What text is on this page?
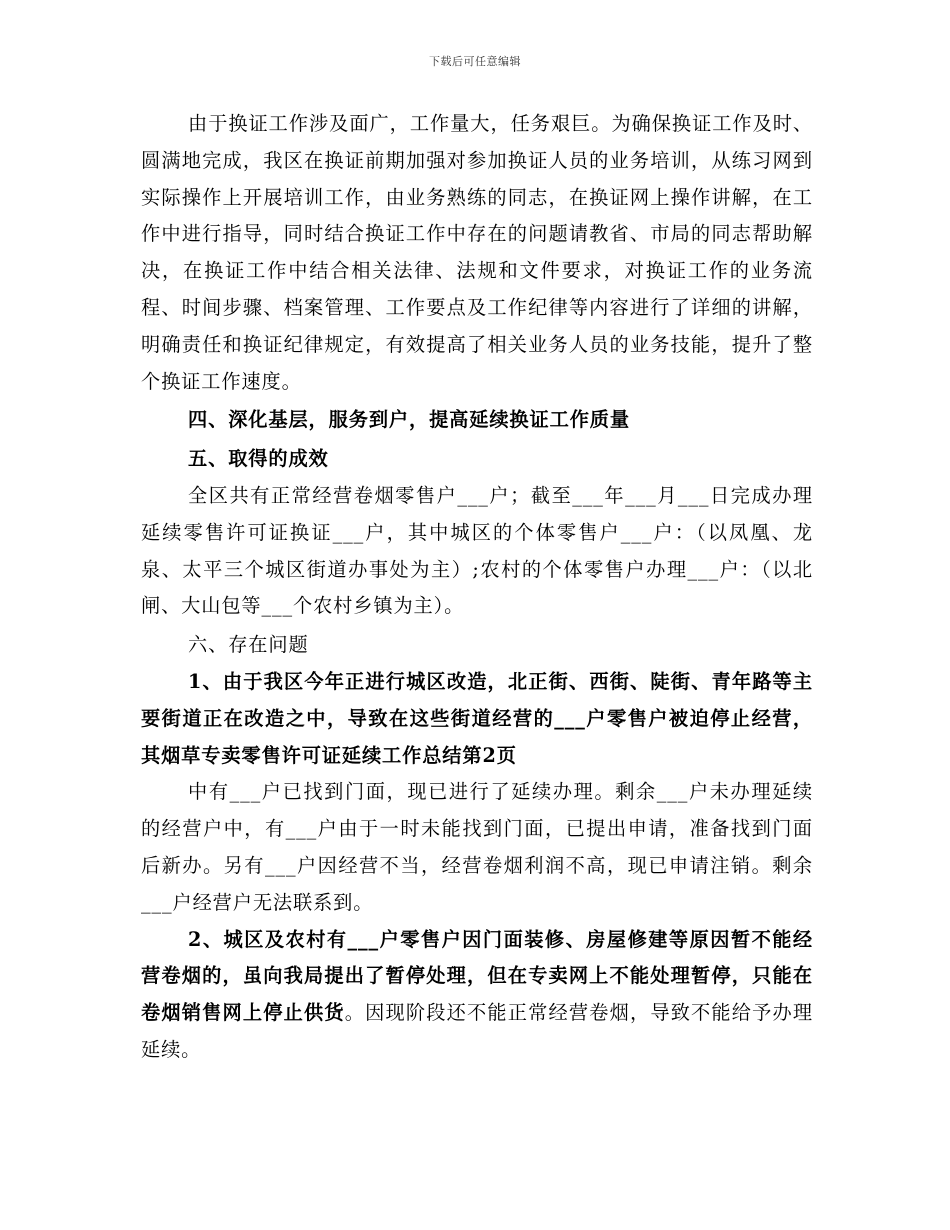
下载后可任意编辑

由于换证工作涉及面广，工作量大，任务艰巨。为确保换证工作及时、圆满地完成，我区在换证前期加强对参加换证人员的业务培训，从练习网到实际操作上开展培训工作，由业务熟练的同志，在换证网上操作讲解，在工作中进行指导，同时结合换证工作中存在的问题请教省、市局的同志帮助解决，在换证工作中结合相关法律、法规和文件要求，对换证工作的业务流程、时间步骤、档案管理、工作要点及工作纪律等内容进行了详细的讲解，明确责任和换证纪律规定，有效提高了相关业务人员的业务技能，提升了整个换证工作速度。

四、深化基层，服务到户，提高延续换证工作质量

五、取得的成效

全区共有正常经营卷烟零售户___户；截至___年___月___日完成办理延续零售许可证换证___户，其中城区的个体零售户___户：（以凤凰、龙泉、太平三个城区街道办事处为主）;农村的个体零售户办理___户：（以北闸、大山包等___个农村乡镇为主）。

六、存在问题

1、由于我区今年正进行城区改造，北正街、西街、陡街、青年路等主要街道正在改造之中，导致在这些街道经营的___户零售户被迫停止经营，其烟草专卖零售许可证延续工作总结第2页

中有___户已找到门面，现已进行了延续办理。剩余___户未办理延续的经营户中，有___户由于一时未能找到门面，已提出申请，准备找到门面后新办。另有___户因经营不当，经营卷烟利润不高，现已申请注销。剩余___户经营户无法联系到。

2、城区及农村有___户零售户因门面装修、房屋修建等原因暂不能经营卷烟的，虽向我局提出了暂停处理，但在专卖网上不能处理暂停，只能在卷烟销售网上停止供货。因现阶段还不能正常经营卷烟，导致不能给予办理延续。
